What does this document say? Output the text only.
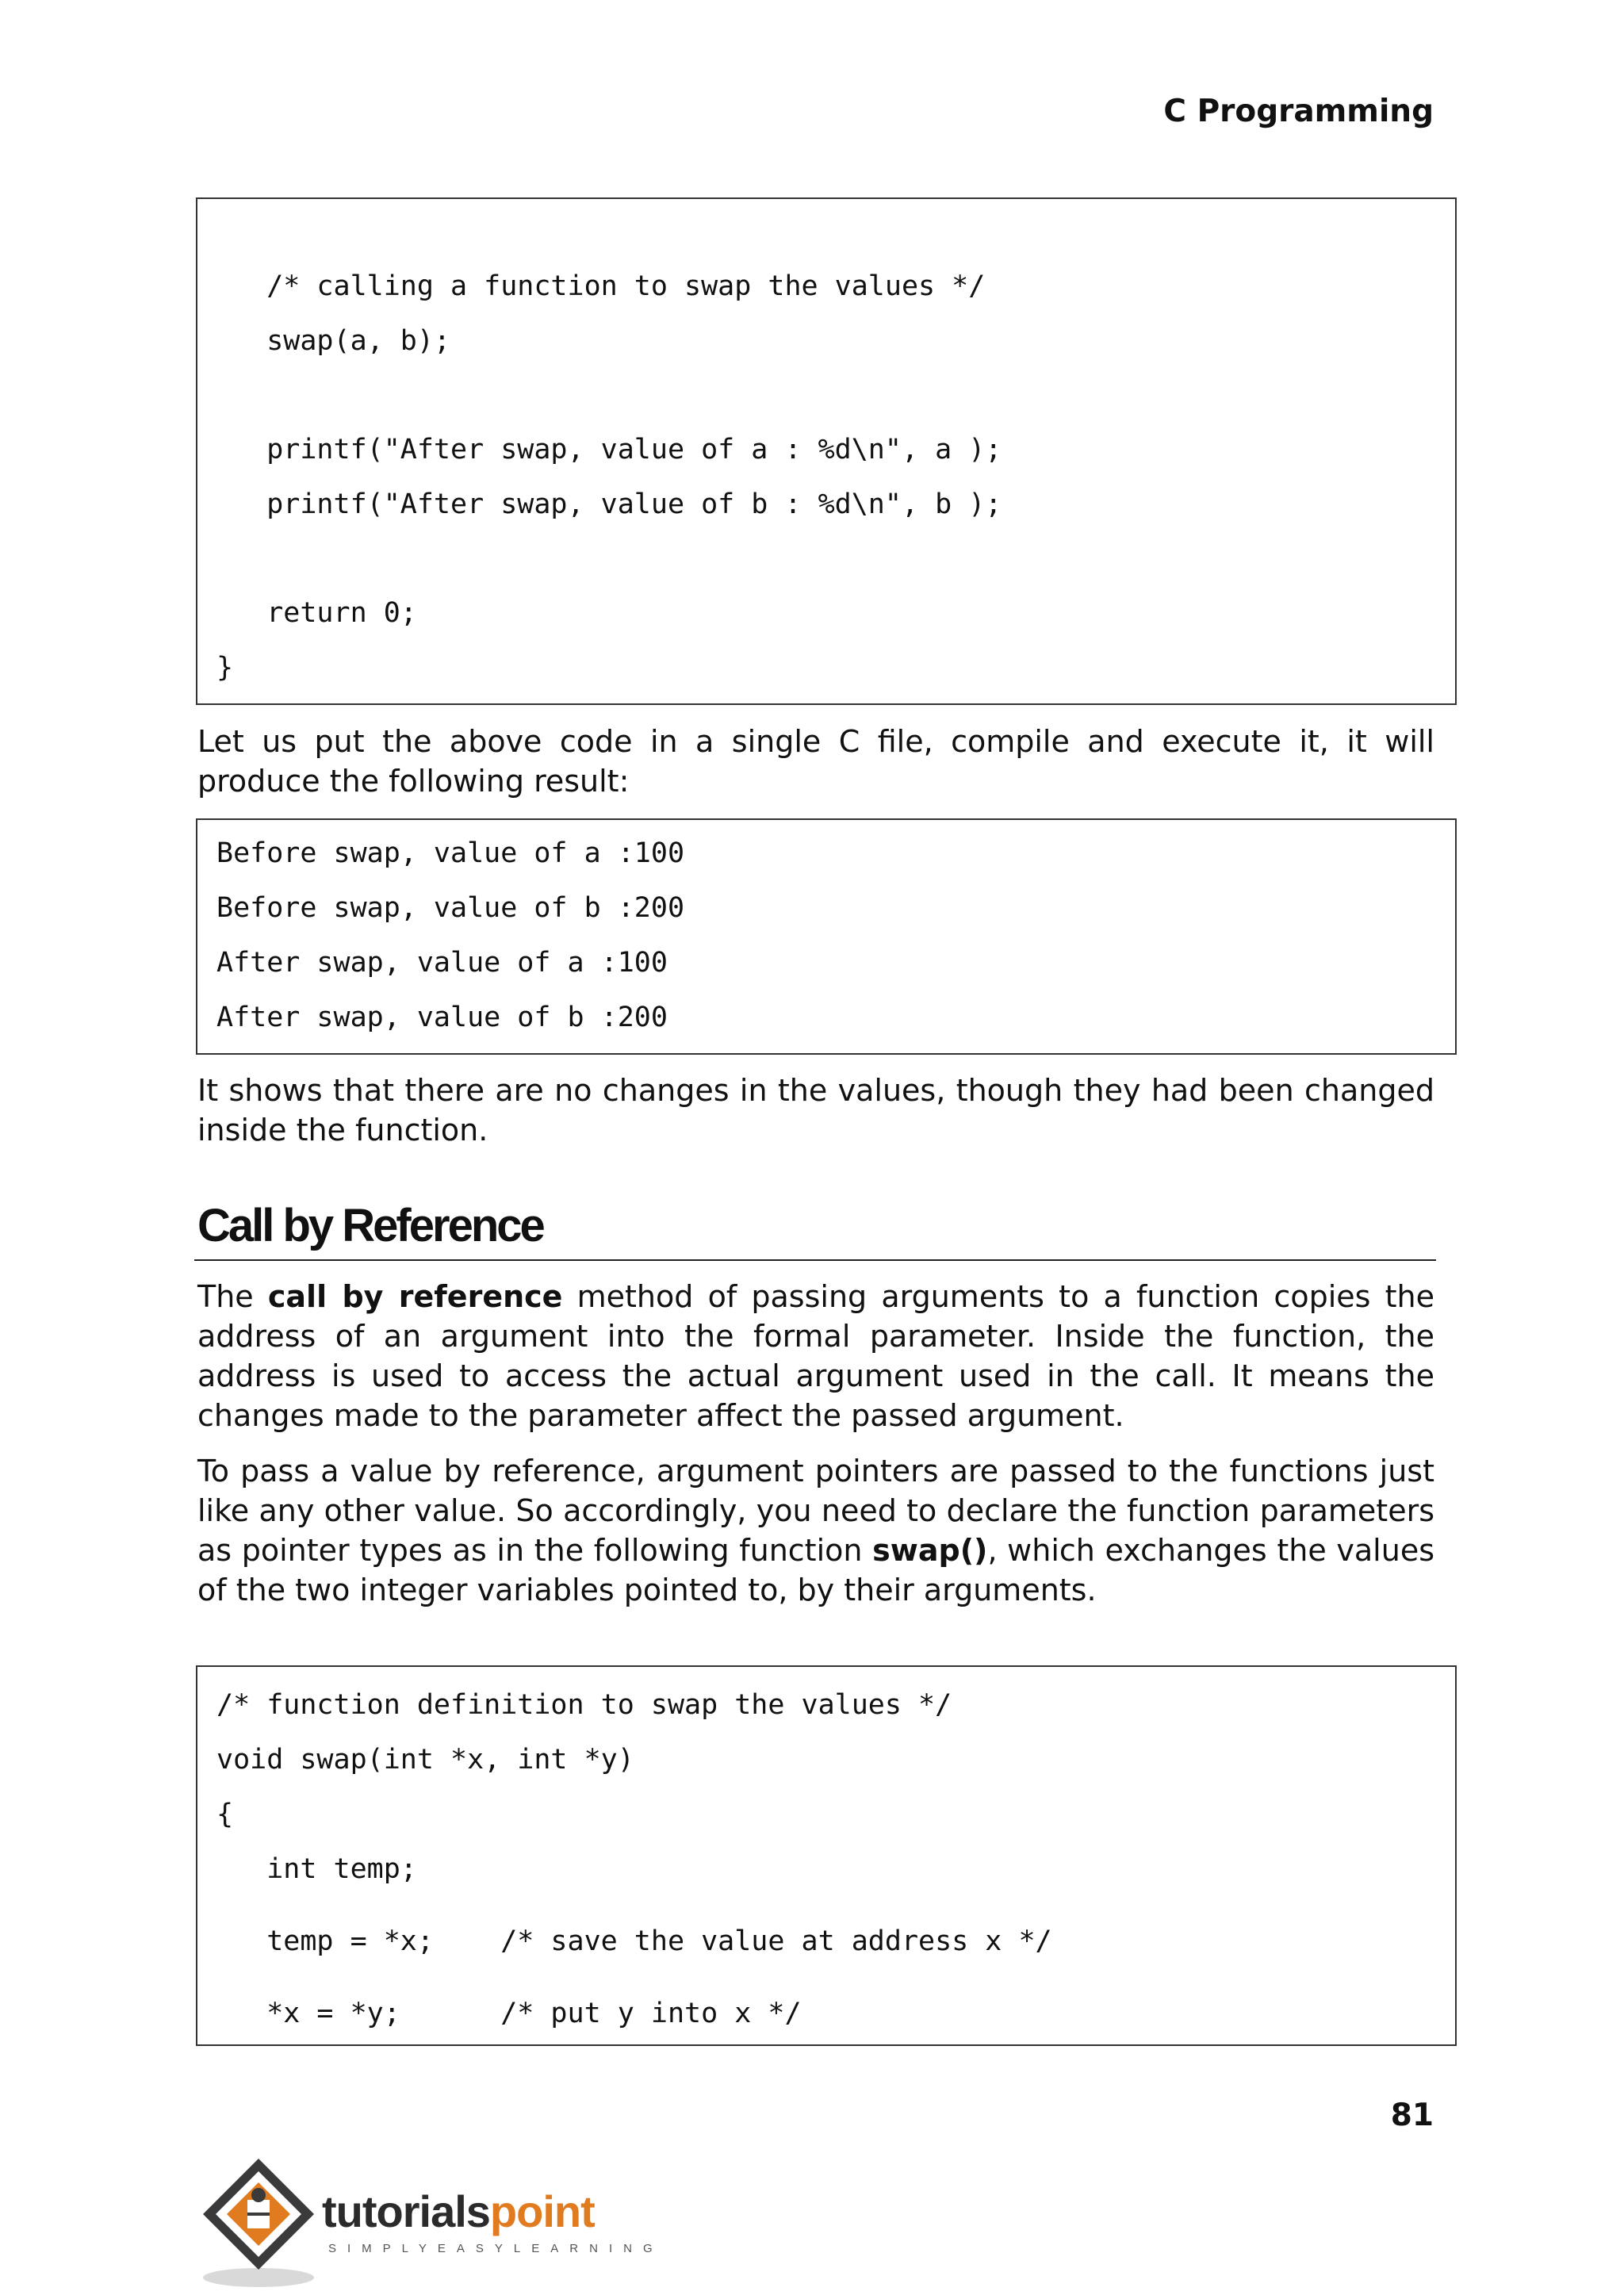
C Programming
/* calling a function to swap the values */
swap(a, b);
printf("After swap, value of a : %d\n", a );
printf("After swap, value of b : %d\n", b );
return 0;
}
Let us put the above code in a single C file, compile and execute it, it will produce the following result:
Before swap, value of a :100
Before swap, value of b :200
After swap, value of a :100
After swap, value of b :200
It shows that there are no changes in the values, though they had been changed inside the function.
Call by Reference
The call by reference method of passing arguments to a function copies the address of an argument into the formal parameter. Inside the function, the address is used to access the actual argument used in the call. It means the changes made to the parameter affect the passed argument.
To pass a value by reference, argument pointers are passed to the functions just like any other value. So accordingly, you need to declare the function parameters as pointer types as in the following function swap(), which exchanges the values of the two integer variables pointed to, by their arguments.
/* function definition to swap the values */
void swap(int *x, int *y)
{
int temp;
temp = *x;    /* save the value at address x */
*x = *y;      /* put y into x */
81
tutorialspoint
SIMPLYEASYLEARNING
